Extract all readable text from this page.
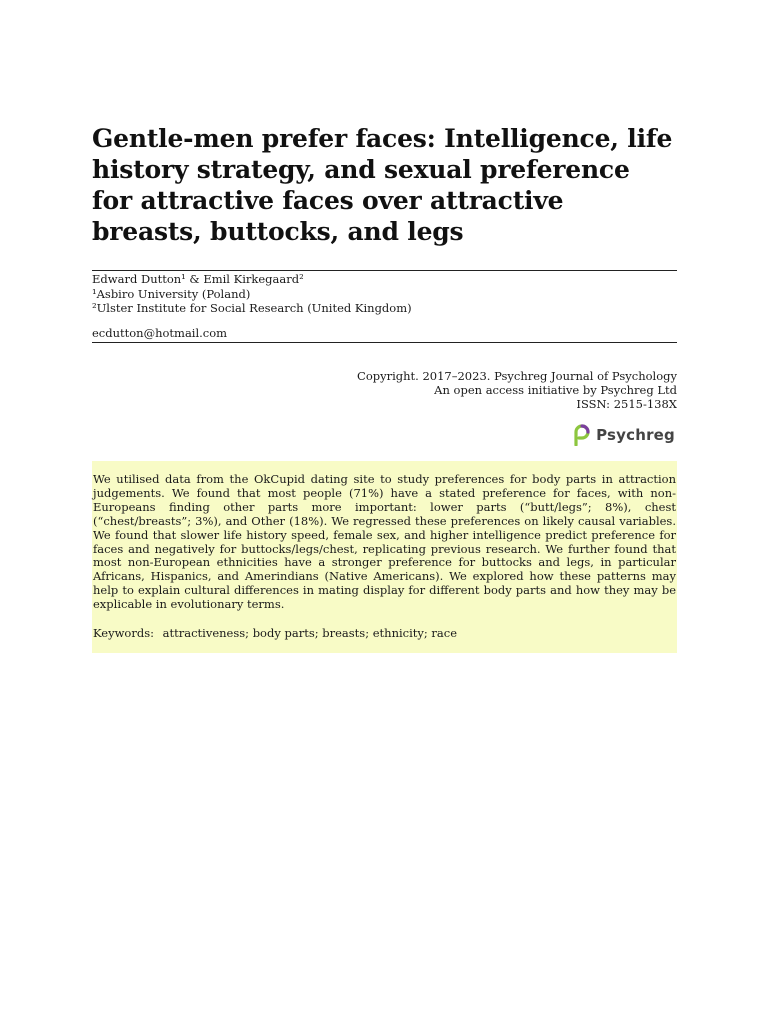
Gentle-men prefer faces: Intelligence, life history strategy, and sexual preference for attractive faces over attractive breasts, buttocks, and legs
Edward Dutton¹ & Emil Kirkegaard²
¹Asbiro University (Poland)
²Ulster Institute for Social Research (United Kingdom)
ecdutton@hotmail.com
Copyright. 2017–2023. Psychreg Journal of Psychology
An open access initiative by Psychreg Ltd
ISSN: 2515-138X
Psychreg

We utilised data from the OkCupid dating site to study preferences for body parts in attraction judgements. We found that most people (71%) have a stated preference for faces, with non-Europeans finding other parts more important: lower parts (“butt/legs”; 8%), chest (“chest/breasts”; 3%), and Other (18%). We regressed these preferences on likely causal variables. We found that slower life history speed, female sex, and higher intelligence predict preference for faces and negatively for buttocks/legs/chest, replicating previous research. We further found that most non-European ethnicities have a stronger preference for buttocks and legs, in particular Africans, Hispanics, and Amerindians (Native Americans). We explored how these patterns may help to explain cultural differences in mating display for different body parts and how they may be explicable in evolutionary terms.

Keywords: attractiveness; body parts; breasts; ethnicity; race
